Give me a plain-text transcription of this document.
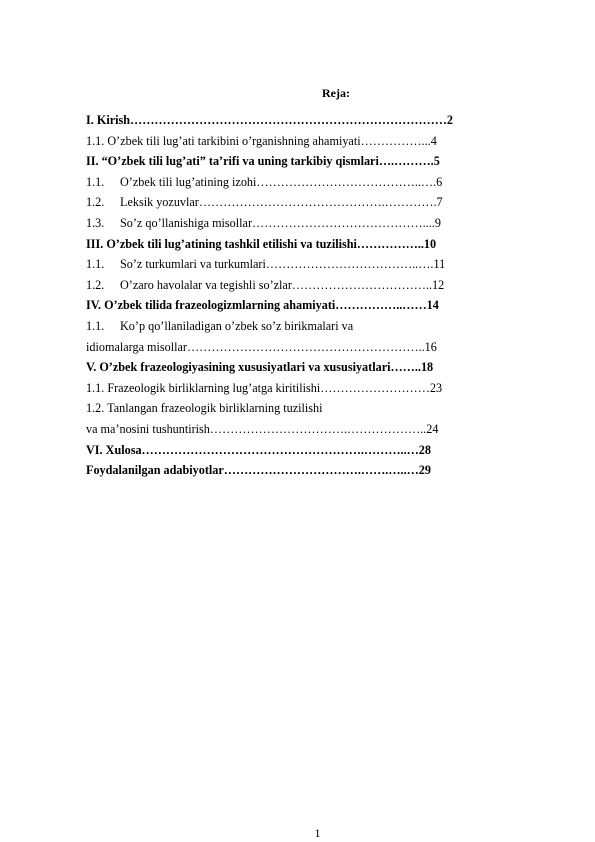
Reja:
I. Kirish……………………………………………………………………2
1.1. O’zbek tili lug’ati tarkibini o’rganishning ahamiyati……………...4
II. “O’zbek tili lug’ati” ta’rifi va uning tarkibiy qismlari….……….5
1.1. O’zbek tili lug’atining izohi…………………………………..….6
1.2. Leksik yozuvlar……………………………………….………….7
1.3. So’z qo’llanishiga misollar……………………………………....9
III. O’zbek tili lug’atining tashkil etilishi va tuzilishi……………..10
1.1. So’z turkumlari va turkumlari………………………………..….11
1.2. O’zaro havolalar va tegishli so’zlar……………………………..12
IV. O’zbek tilida frazeologizmlarning ahamiyati……………..……14
1.1. Ko’p qo’llaniladigan o’zbek so’z birikmalari va
idiomalarga misollar…………………………………………………..16
V. O’zbek frazeologiyasining xususiyatlari va xususiyatlari……..18
1.1. Frazeologik birliklarning lug’atga kiritilishi………………………23
1.2. Tanlangan frazeologik birliklarning tuzilishi
va ma’nosini tushuntirish…………………………….………………..24
VI. Xulosa……………………………………………….………..…28
Foydalanilgan adabiyotlar…………………………….…….…..…29
1
